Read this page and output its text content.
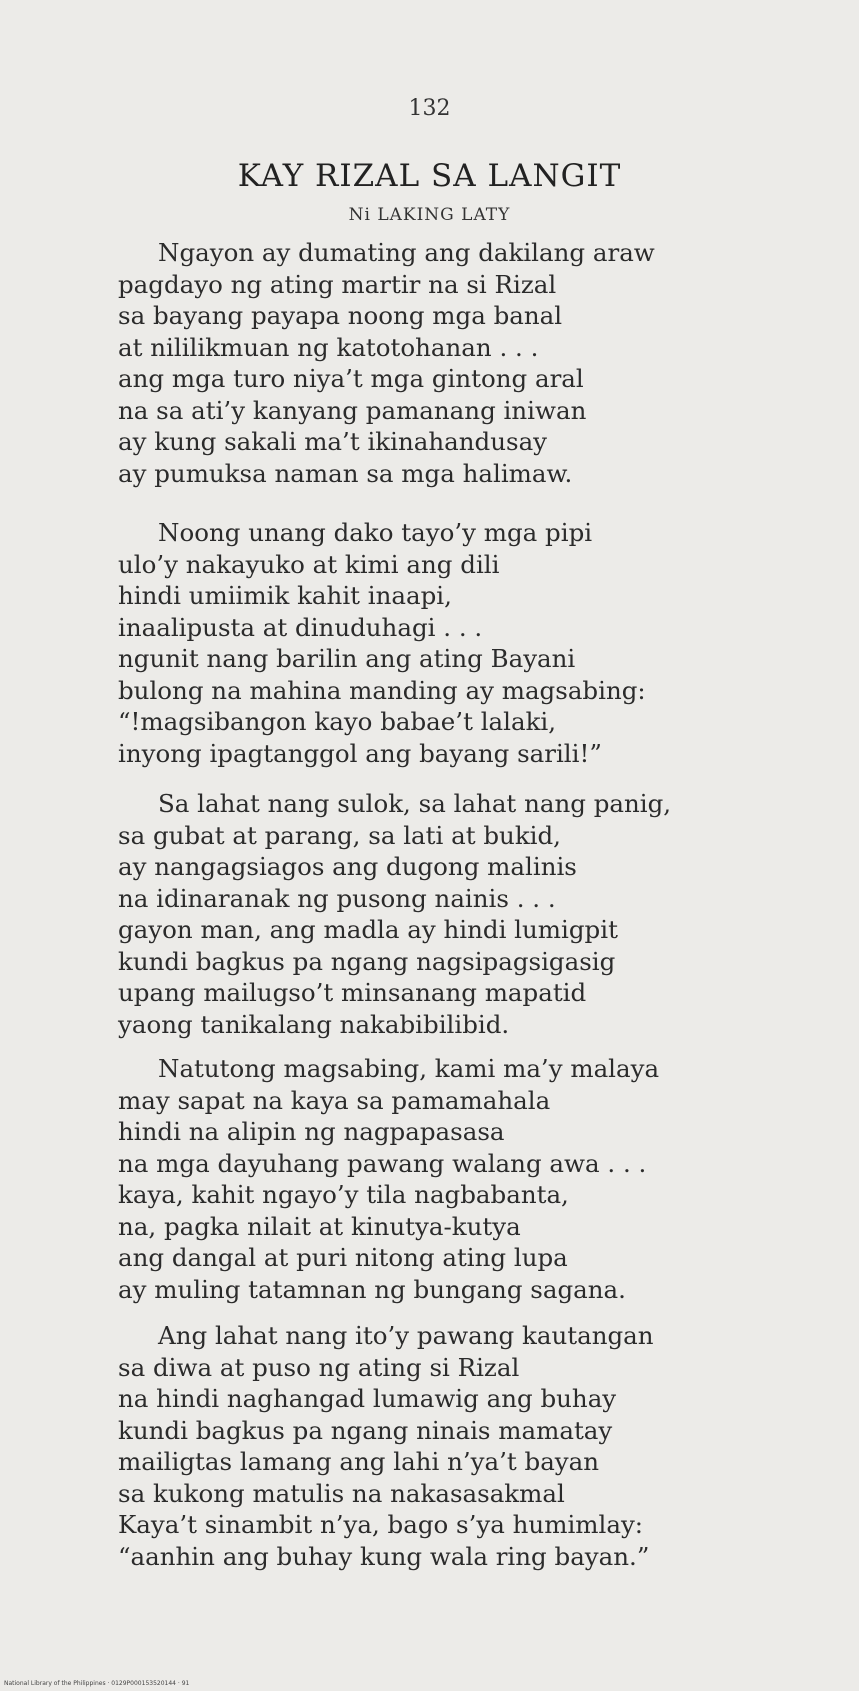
132
KAY RIZAL SA LANGIT
Ni LAKING LATY
Ngayon ay dumating ang dakilang araw
pagdayo ng ating martir na si Rizal
sa bayang payapa noong mga banal
at nililikmuan ng katotohanan . . .
ang mga turo niya’t mga gintong aral
na sa ati’y kanyang pamanang iniwan
ay kung sakali ma’t ikinahandusay
ay pumuksa naman sa mga halimaw.
Noong unang dako tayo’y mga pipi
ulo’y nakayuko at kimi ang dili
hindi umiimik kahit inaapi,
inaalipusta at dinuduhagi . . .
ngunit nang barilin ang ating Bayani
bulong na mahina manding ay magsabing:
“!magsibangon kayo babae’t lalaki,
inyong ipagtanggol ang bayang sarili!”
Sa lahat nang sulok, sa lahat nang panig,
sa gubat at parang, sa lati at bukid,
ay nangagsiagos ang dugong malinis
na idinaranak ng pusong nainis . . .
gayon man, ang madla ay hindi lumigpit
kundi bagkus pa ngang nagsipagsigasig
upang mailugso’t minsanang mapatid
yaong tanikalang nakabibilibid.
Natutong magsabing, kami ma’y malaya
may sapat na kaya sa pamamahala
hindi na alipin ng nagpapasasa
na mga dayuhang pawang walang awa . . .
kaya, kahit ngayo’y tila nagbabanta,
na, pagka nilait at kinutya-kutya
ang dangal at puri nitong ating lupa
ay muling tatamnan ng bungang sagana.
Ang lahat nang ito’y pawang kautangan
sa diwa at puso ng ating si Rizal
na hindi naghangad lumawig ang buhay
kundi bagkus pa ngang ninais mamatay
mailigtas lamang ang lahi n’ya’t bayan
sa kukong matulis na nakasasakmal
Kaya’t sinambit n’ya, bago s’ya humimlay:
“aanhin ang buhay kung wala ring bayan.”
National Library of the Philippines · 0129P000153520144 · 91
